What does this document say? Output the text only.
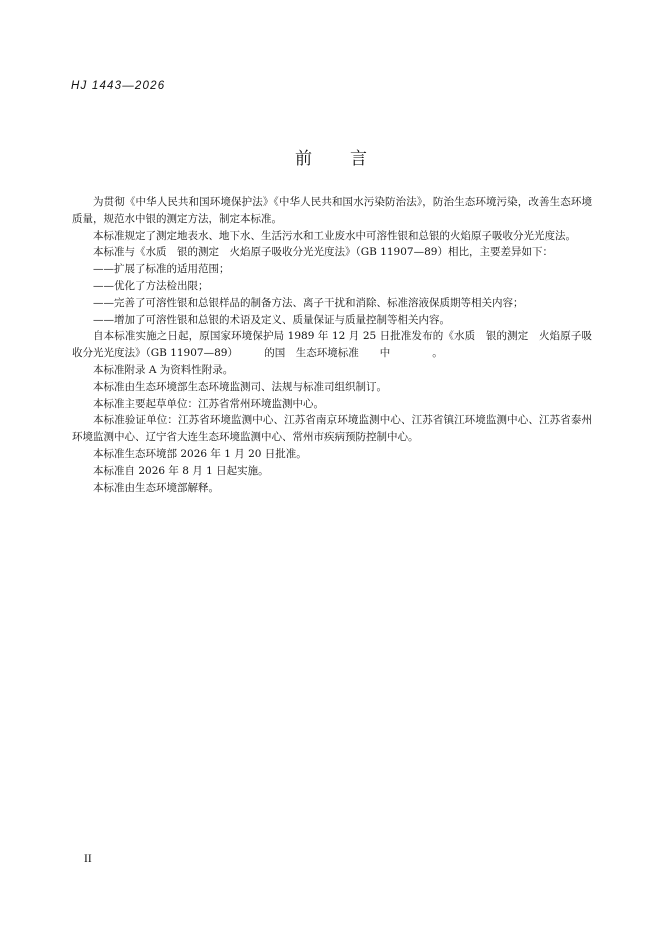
HJ 1443—2026
前言

为贯彻《中华人民共和国环境保护法》《中华人民共和国水污染防治法》，防治生态环境污染，改善生态环境质量，规范水中银的测定方法，制定本标准。

本标准规定了测定地表水、地下水、生活污水和工业废水中可溶性银和总银的火焰原子吸收分光光度法。

本标准与《水质　银的测定　火焰原子吸收分光光度法》（GB 11907—89）相比，主要差异如下：

——扩展了标准的适用范围；

——优化了方法检出限；

——完善了可溶性银和总银样品的制备方法、离子干扰和消除、标准溶液保质期等相关内容；

——增加了可溶性银和总银的术语及定义、质量保证与质量控制等相关内容。

自本标准实施之日起，原国家环境保护局 1989 年 12 月 25 日批准发布的《水质　银的测定　火焰原子吸收分光光度法》（GB 11907—89）　　　的国　生态环境标准　　中　　　　。

本标准附录 A 为资料性附录。

本标准由生态环境部生态环境监测司、法规与标准司组织制订。

本标准主要起草单位：江苏省常州环境监测中心。

本标准验证单位：江苏省环境监测中心、江苏省南京环境监测中心、江苏省镇江环境监测中心、江苏省泰州环境监测中心、辽宁省大连生态环境监测中心、常州市疾病预防控制中心。

本标准生态环境部 2026 年 1 月 20 日批准。

本标准自 2026 年 8 月 1 日起实施。

本标准由生态环境部解释。

II
